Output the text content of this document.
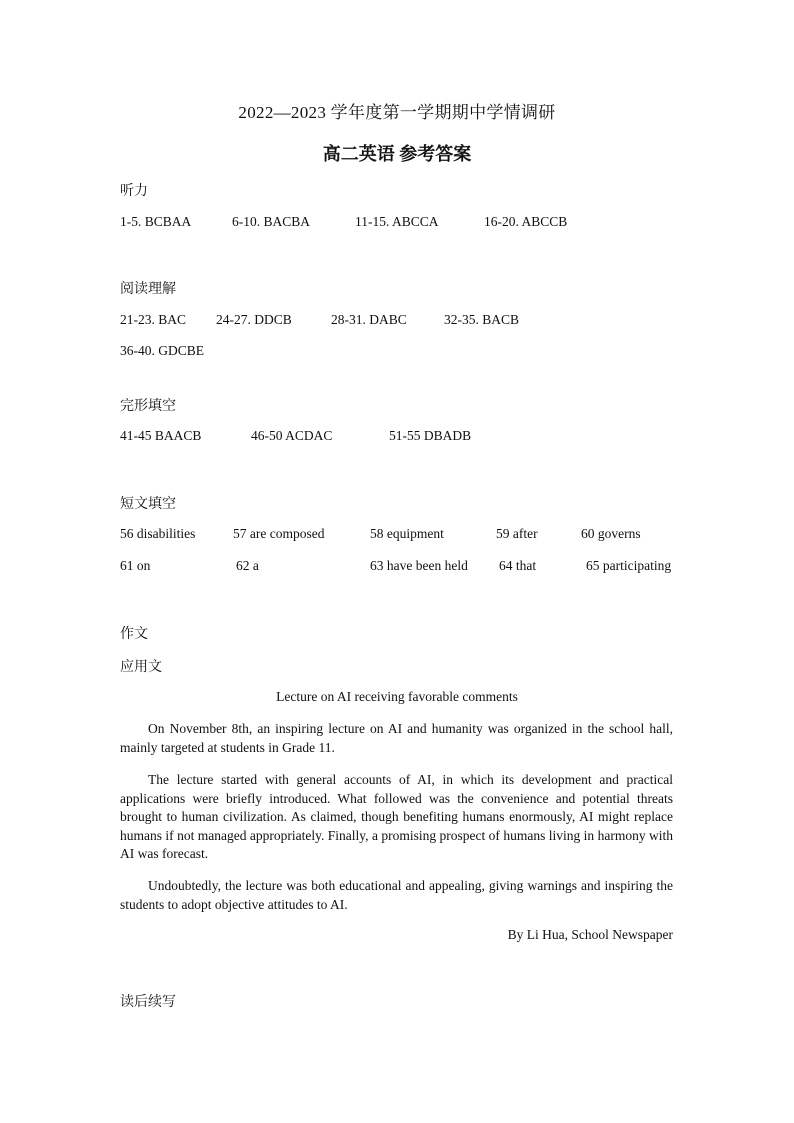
2022—2023 学年度第一学期期中学情调研
高二英语 参考答案
听力
1-5. BCBAA	6-10. BACBA	11-15. ABCCA	16-20. ABCCB
阅读理解
21-23. BAC 24-27. DDCB	28-31. DABC	32-35. BACB
36-40. GDCBE
完形填空
41-45 BAACB	46-50 ACDAC	51-55 DBADB
短文填空
56 disabilities	57 are composed	58 equipment	59 after	60 governs
61 on	62 a	63 have been held 64 that	65 participating
作文
应用文
Lecture on AI receiving favorable comments

On November 8th, an inspiring lecture on AI and humanity was organized in the school hall, mainly targeted at students in Grade 11.

The lecture started with general accounts of AI, in which its development and practical applications were briefly introduced. What followed was the convenience and potential threats brought to human civilization. As claimed, though benefiting humans enormously, AI might replace humans if not managed appropriately. Finally, a promising prospect of humans living in harmony with AI was forecast.

Undoubtedly, the lecture was both educational and appealing, giving warnings and inspiring the students to adopt objective attitudes to AI.

By Li Hua, School Newspaper
读后续写
